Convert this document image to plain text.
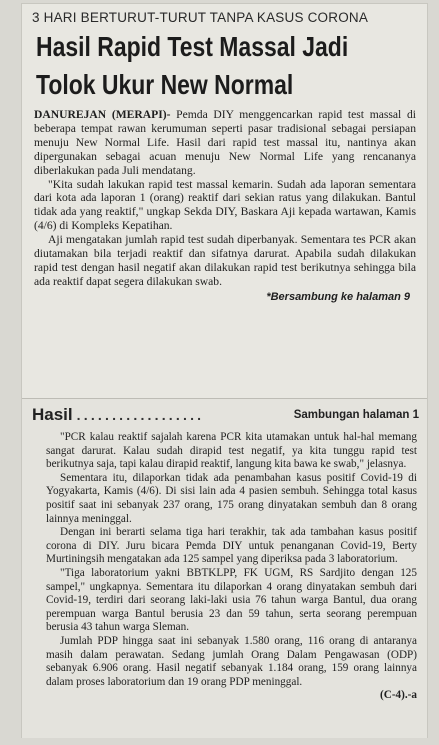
3 HARI BERTURUT-TURUT TANPA KASUS CORONA
Hasil Rapid Test Massal Jadi
Tolok Ukur New Normal

DANUREJAN (MERAPI)- Pemda DIY menggencarkan rapid test massal di beberapa tempat rawan kerumuman seperti pasar tradisional sebagai persiapan menuju New Normal Life. Hasil dari rapid test massal itu, nantinya akan dipergunakan sebagai acuan menuju New Normal Life yang rencananya diberlakukan pada Juli mendatang.

"Kita sudah lakukan rapid test massal kemarin. Sudah ada laporan sementara dari kota ada laporan 1 (orang) reaktif dari sekian ratus yang dilakukan. Bantul tidak ada yang reaktif," ungkap Sekda DIY, Baskara Aji kepada wartawan, Kamis (4/6) di Kompleks Kepatihan.

Aji mengatakan jumlah rapid test sudah diperbanyak. Sementara tes PCR akan diutamakan bila terjadi reaktif dan sifatnya darurat. Apabila sudah dilakukan rapid test dengan hasil negatif akan dilakukan rapid test berikutnya sehingga bila ada reaktif dapat segera dilakukan swab.

*Bersambung ke halaman 9
Hasil ..................	Sambungan halaman 1

"PCR kalau reaktif sajalah karena PCR kita utamakan untuk hal-hal memang sangat darurat. Kalau sudah dirapid test negatif, ya kita tunggu rapid test berikutnya saja, tapi kalau dirapid reaktif, langung kita bawa ke swab," jelasnya.

Sementara itu, dilaporkan tidak ada penambahan kasus positif Covid-19 di Yogyakarta, Kamis (4/6). Di sisi lain ada 4 pasien sembuh. Sehingga total kasus positif saat ini sebanyak 237 orang, 175 orang dinyatakan sembuh dan 8 orang lainnya meninggal.

Dengan ini berarti selama tiga hari terakhir, tak ada tambahan kasus positif corona di DIY. Juru bicara Pemda DIY untuk penanganan Covid-19, Berty Murtiningsih mengatakan ada 125 sampel yang diperiksa pada 3 laboratorium.

"Tiga laboratorium yakni BBTKLPP, FK UGM, RS Sardjito dengan 125 sampel," ungkapnya. Sementara itu dilaporkan 4 orang dinyatakan sembuh dari Covid-19, terdiri dari seorang laki-laki usia 76 tahun warga Bantul, dua orang perempuan warga Bantul berusia 23 dan 59 tahun, serta seorang perempuan berusia 43 tahun warga Sleman.

Jumlah PDP hingga saat ini sebanyak 1.580 orang, 116 orang di antaranya masih dalam perawatan. Sedang jumlah Orang Dalam Pengawasan (ODP) sebanyak 6.906 orang. Hasil negatif sebanyak 1.184 orang, 159 orang lainnya dalam proses laboratorium dan 19 orang PDP meninggal.

(C-4).-a
